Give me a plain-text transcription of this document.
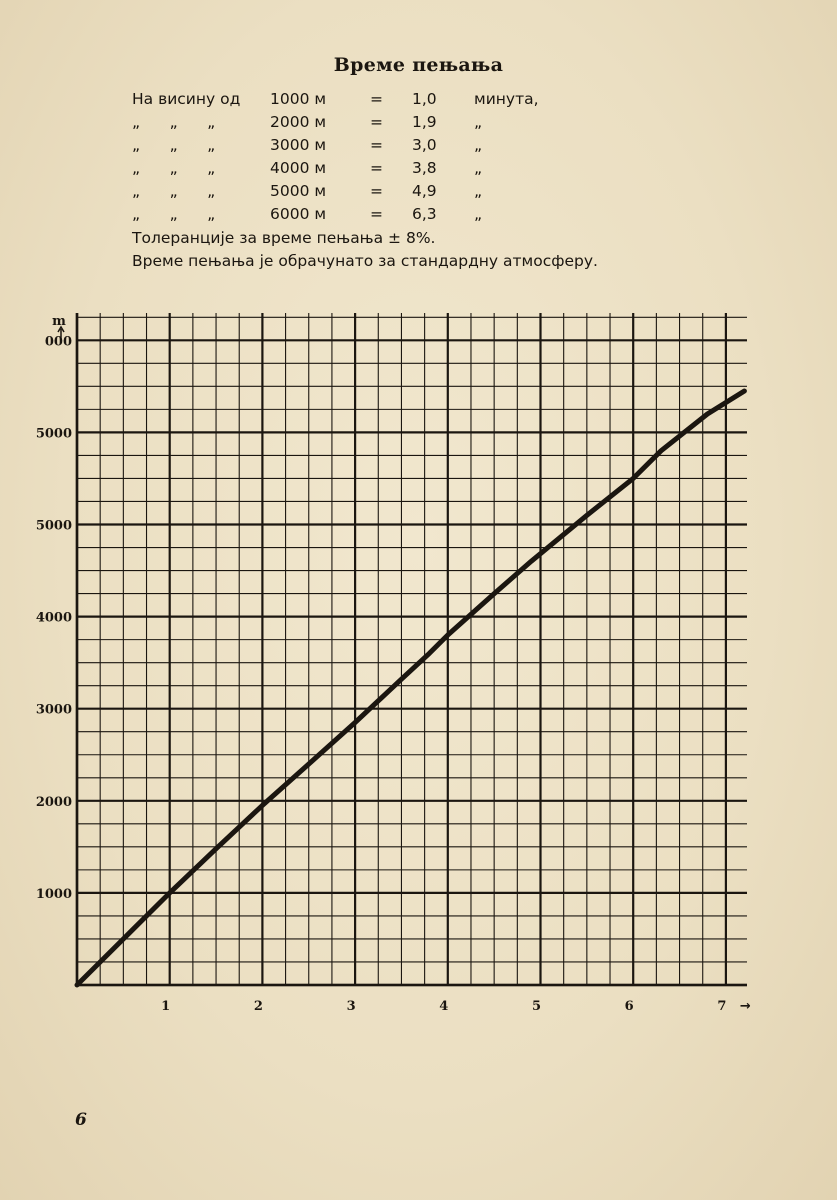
Време пењања
На висину од	1000 м	=	1,0	минута,
„      „      „	2000 м	=	1,9	„
„      „      „	3000 м	=	3,0	„
„      „      „	4000 м	=	3,8	„
„      „      „	5000 м	=	4,9	„
„      „      „	6000 м	=	6,3	„
Толеранције за време пењања ± 8%.
Време пењања је обрачунато за стандардну атмосферу.
1	2	3	4	5	6	7 →
1000
2000
3000
4000
5000
5000
000
m
6
